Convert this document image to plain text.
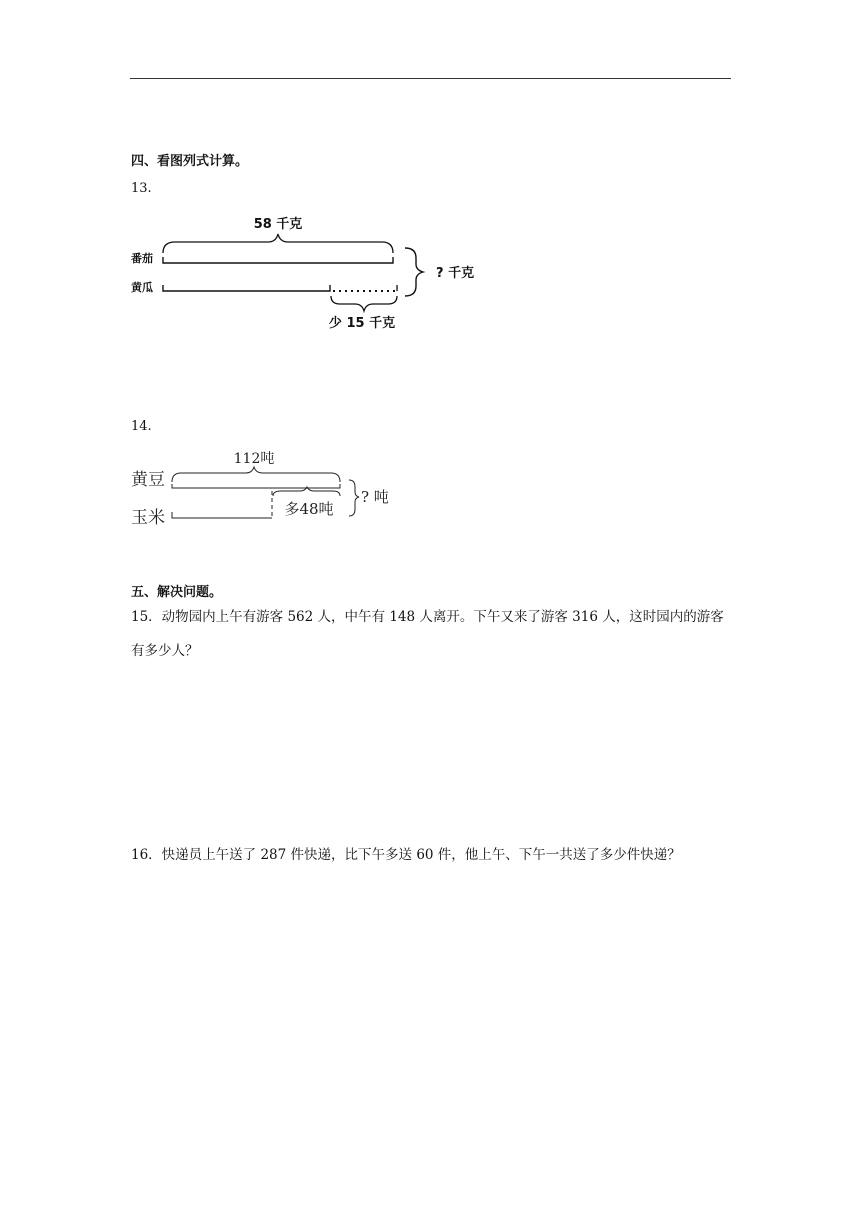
四、看图列式计算。
13.
58 千克
番茄
黄瓜
少 15 千克
? 千克
14.
112吨
黄豆
多48吨
玉米
? 吨
五、解决问题。
15．动物园内上午有游客 562 人，中午有 148 人离开。下午又来了游客 316 人，这时园内的游客有多少人？
16．快递员上午送了 287 件快递，比下午多送 60 件，他上午、下午一共送了多少件快递？
